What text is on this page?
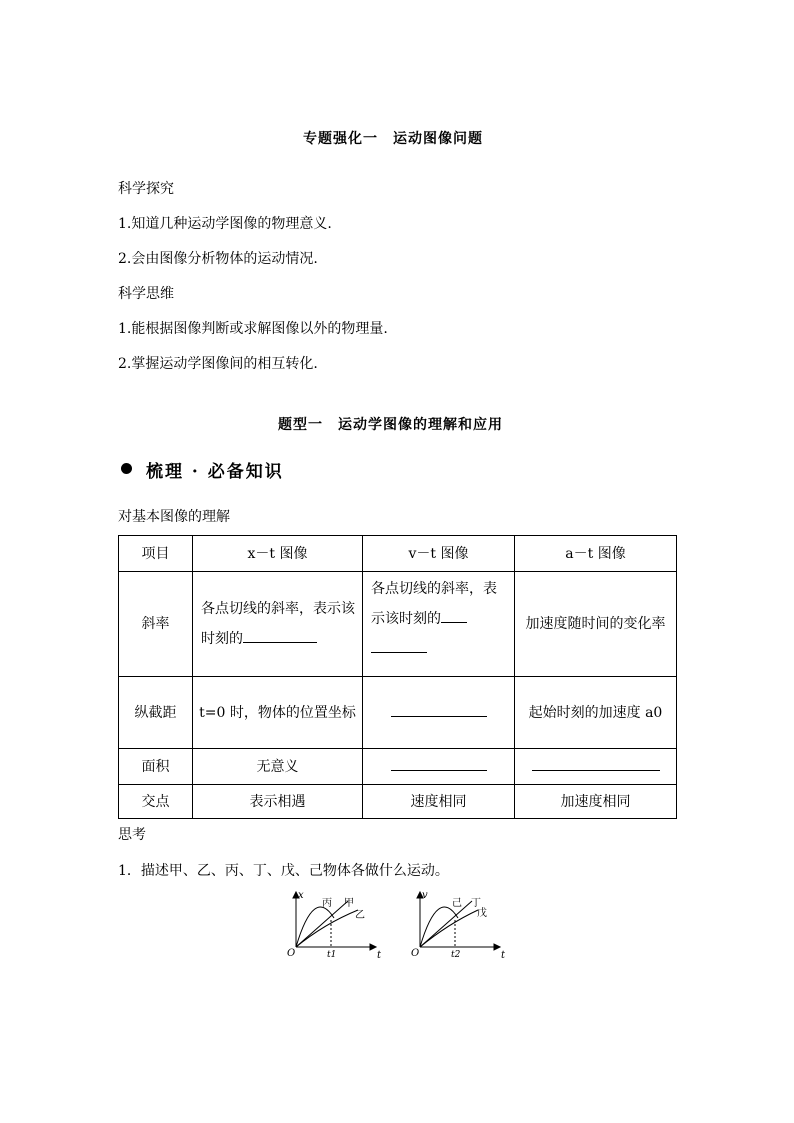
专题强化一　运动图像问题
科学探究
1.知道几种运动学图像的物理意义.
2.会由图像分析物体的运动情况.
科学思维
1.能根据图像判断或求解图像以外的物理量.
2.掌握运动学图像间的相互转化.
题型一　运动学图像的理解和应用
梳理 · 必备知识
对基本图像的理解
项目	x－t 图像	v－t 图像	a－t 图像
斜率	各点切线的斜率，表示该时刻的	各点切线的斜率，表示该时刻的	加速度随时间的变化率
纵截距	t=0 时，物体的位置坐标		起始时刻的加速度 a0
面积	无意义		
交点	表示相遇	速度相同	加速度相同
思考
1．描述甲、乙、丙、丁、戊、己物体各做什么运动。
x
t
O	t1
丙 甲
乙
v
t
O	t2
己 丁
戊
